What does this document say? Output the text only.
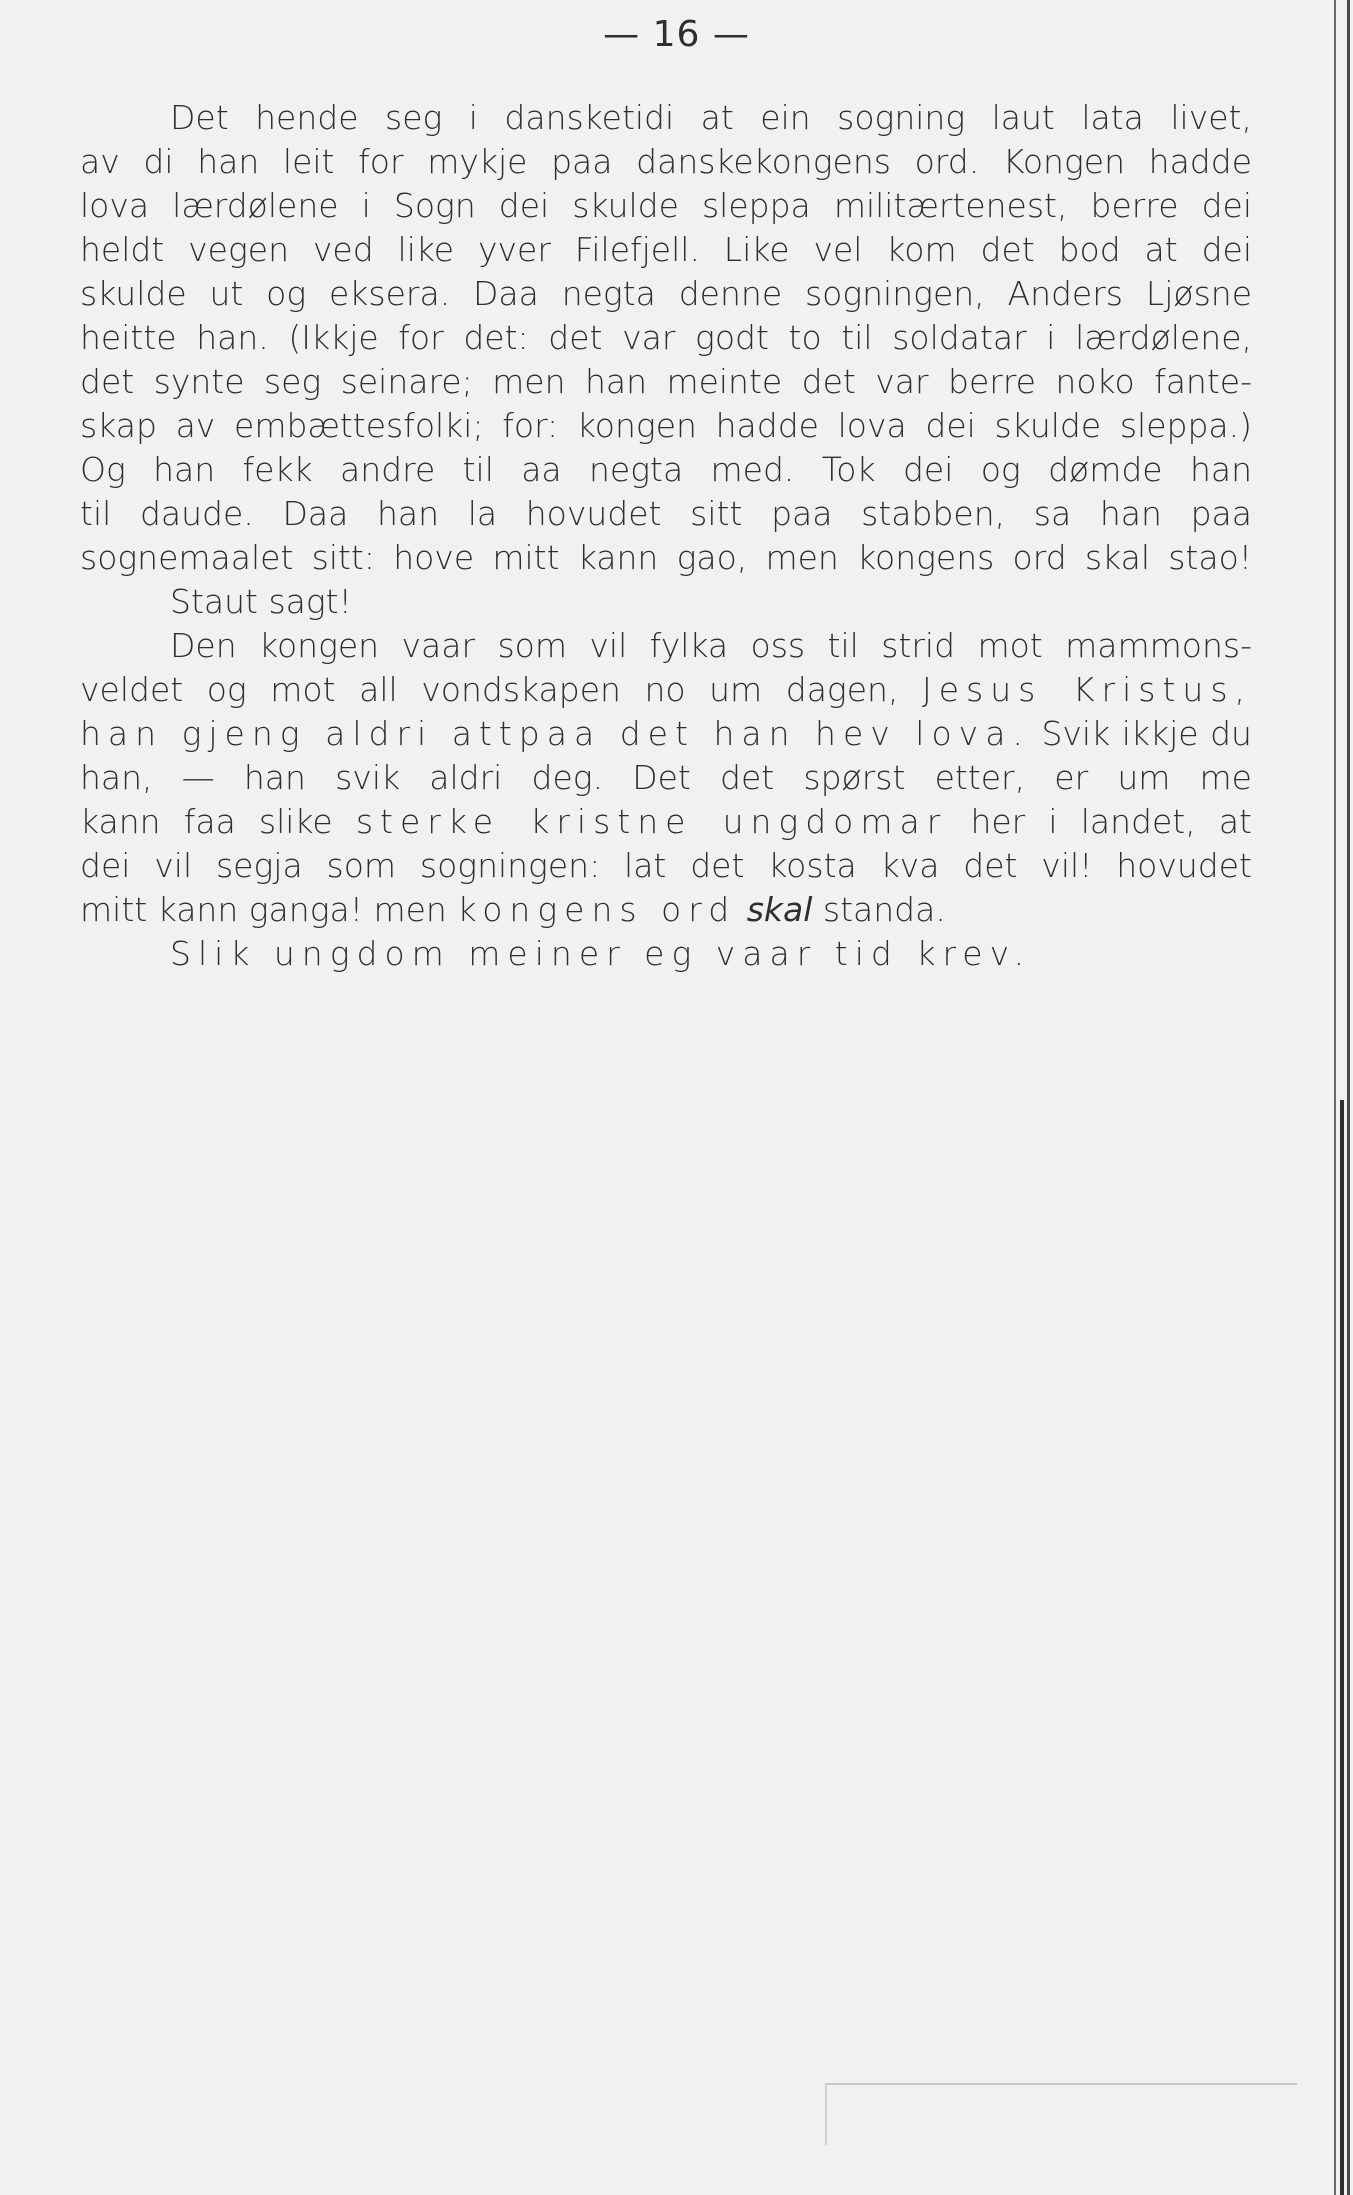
— 16 —
Det hende seg i dansketidi at ein sogning laut lata livet,
av di han leit for mykje paa danskekongens ord. Kongen hadde
lova lærdølene i Sogn dei skulde sleppa militærtenest, berre dei
heldt vegen ved like yver Filefjell. Like vel kom det bod at dei
skulde ut og eksera. Daa negta denne sogningen, Anders Ljøsne
heitte han. (Ikkje for det: det var godt to til soldatar i lærdølene,
det synte seg seinare; men han meinte det var berre noko fante-
skap av embættesfolki; for: kongen hadde lova dei skulde sleppa.)
Og han fekk andre til aa negta med. Tok dei og dømde han
til daude. Daa han la hovudet sitt paa stabben, sa han paa
sognemaalet sitt: hove mitt kann gao, men kongens ord skal stao!
Staut sagt!
Den kongen vaar som vil fylka oss til strid mot mammons-
veldet og mot all vondskapen no um dagen, Jesus Kristus,
han gjeng aldri attpaa det han hev lova. Svik ikkje du
han, — han svik aldri deg. Det det spørst etter, er um me
kann faa slike sterke kristne ungdomar her i landet, at
dei vil segja som sogningen: lat det kosta kva det vil! hovudet
mitt kann ganga! men kongens ord skal standa.
Slik ungdom meiner eg vaar tid krev.
